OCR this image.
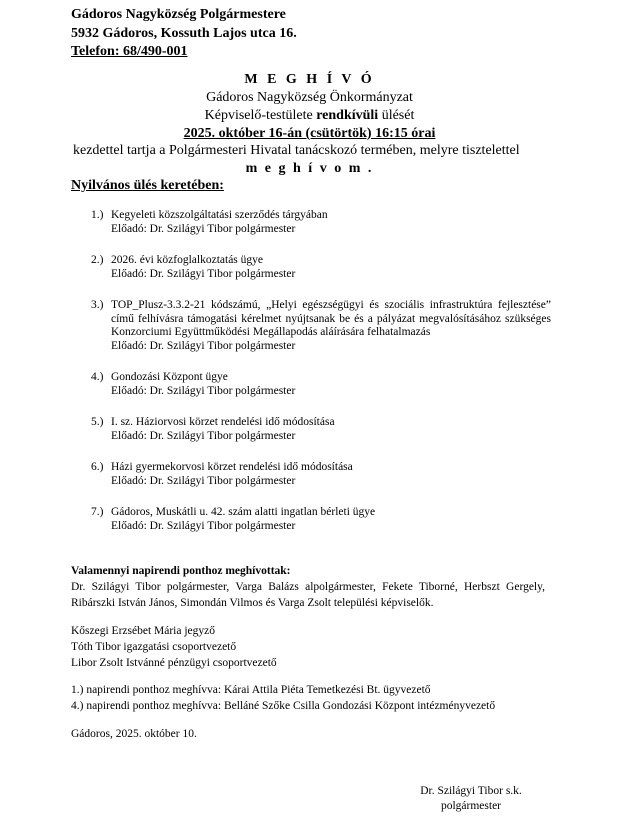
Gádoros Nagyközség Polgármestere
5932 Gádoros, Kossuth Lajos utca 16.
Telefon: 68/490-001
M E G H Í V Ó
Gádoros Nagyközség Önkormányzat
Képviselő-testülete rendkívüli ülését
2025. október 16-án (csütörtök) 16:15 órai
kezdettel tartja a Polgármesteri Hivatal tanácskozó termében, melyre tisztelettel
m e g h í v o m .
Nyilvános ülés keretében:
1.) Kegyeleti közszolgáltatási szerződés tárgyában
Előadó: Dr. Szilágyi Tibor polgármester
2.) 2026. évi közfoglalkoztatás ügye
Előadó: Dr. Szilágyi Tibor polgármester
3.) TOP_Plusz-3.3.2-21 kódszámú, „Helyi egészségügyi és szociális infrastruktúra fejlesztése” című felhívásra támogatási kérelmet nyújtsanak be és a pályázat megvalósításához szükséges Konzorciumi Együttműködési Megállapodás aláírására felhatalmazás
Előadó: Dr. Szilágyi Tibor polgármester
4.) Gondozási Központ ügye
Előadó: Dr. Szilágyi Tibor polgármester
5.) I. sz. Háziorvosi körzet rendelési idő módosítása
Előadó: Dr. Szilágyi Tibor polgármester
6.) Házi gyermekorvosi körzet rendelési idő módosítása
Előadó: Dr. Szilágyi Tibor polgármester
7.) Gádoros, Muskátli u. 42. szám alatti ingatlan bérleti ügye
Előadó: Dr. Szilágyi Tibor polgármester
Valamennyi napirendi ponthoz meghívottak:
Dr. Szilágyi Tibor polgármester, Varga Balázs alpolgármester, Fekete Tiborné, Herbszt Gergely, Ribárszki István János, Simondán Vilmos és Varga Zsolt települési képviselők.
Kőszegi Erzsébet Mária jegyző
Tóth Tibor igazgatási csoportvezető
Libor Zsolt Istvánné pénzügyi csoportvezető
1.) napirendi ponthoz meghívva: Kárai Attila Piéta Temetkezési Bt. ügyvezető
4.) napirendi ponthoz meghívva: Belláné Szőke Csilla Gondozási Központ intézményvezető
Gádoros, 2025. október 10.
Dr. Szilágyi Tibor s.k.
polgármester
